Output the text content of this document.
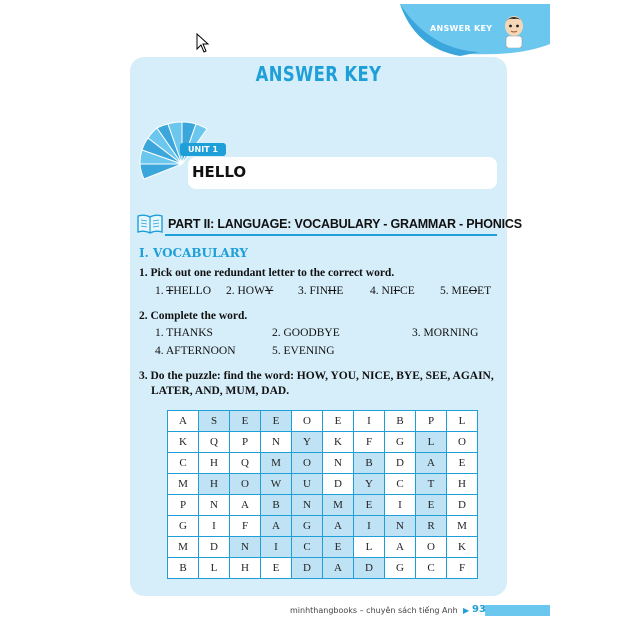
ANSWER KEY
ANSWER KEY
UNIT 1
HELLO
PART II: LANGUAGE: VOCABULARY - GRAMMAR - PHONICS
I. VOCABULARY
1. Pick out one redundant letter to the correct word.
1. THELLO 2. HOWY 3. FINHE 4. NIFCE 5. MEOET
2. Complete the word.
1. THANKS	2. GOODBYE	3. MORNING
4. AFTERNOON	5. EVENING
3. Do the puzzle: find the word: HOW, YOU, NICE, BYE, SEE, AGAIN,
LATER, AND, MUM, DAD.
A	S	E	E	O	E	I	B	P	L
K	Q	P	N	Y	K	F	G	L	O
C	H	Q	M	O	N	B	D	A	E
M	H	O	W	U	D	Y	C	T	H
P	N	A	B	N	M	E	I	E	D
G	I	F	A	G	A	I	N	R	M
M	D	N	I	C	E	L	A	O	K
B	L	H	E	D	A	D	G	C	F
minhthangbooks – chuyên sách tiếng Anh ▶ 93
